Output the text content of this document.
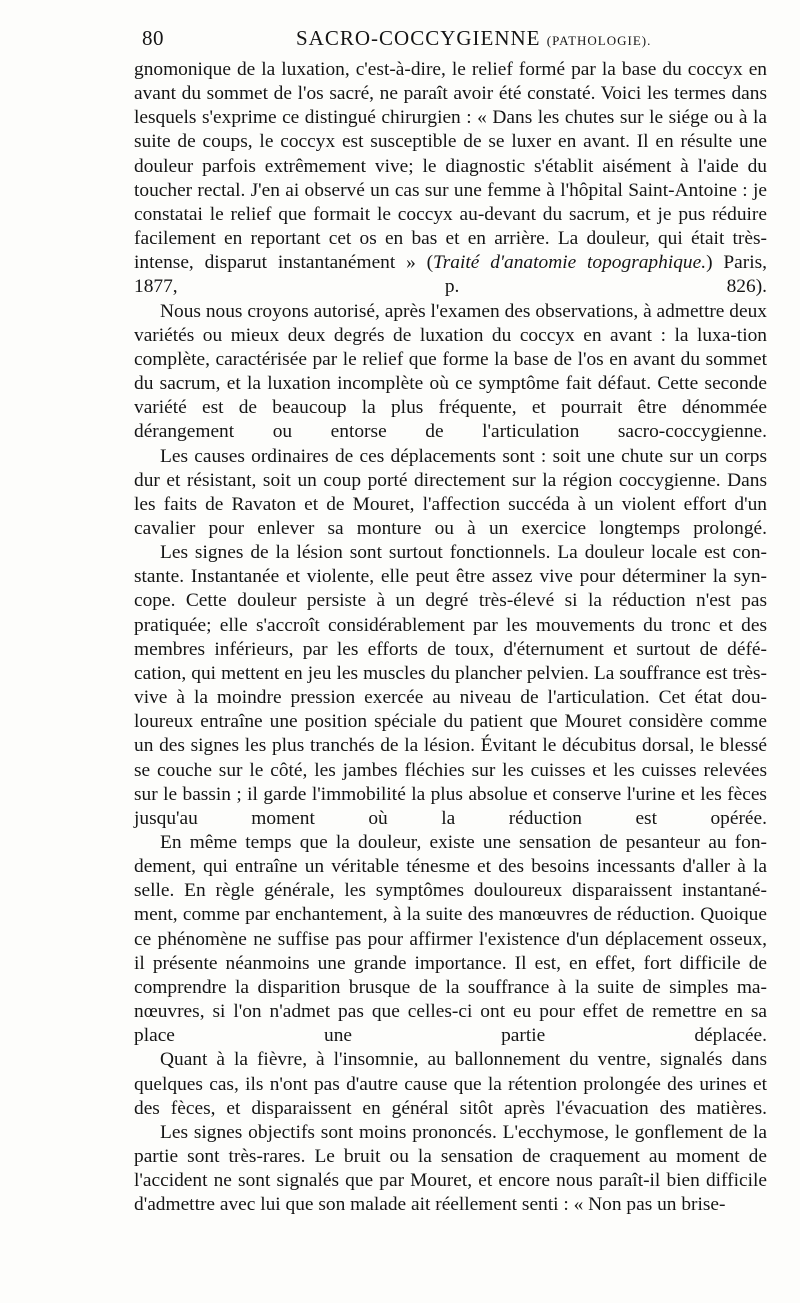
80	SACRO-COCCYGIENNE (PATHOLOGIE).

gnomonique de la luxation, c'est-à-dire, le relief formé par la base du coccyx en avant du sommet de l'os sacré, ne paraît avoir été constaté. Voici les termes dans lesquels s'exprime ce distingué chirurgien : « Dans les chutes sur le siége ou à la suite de coups, le coccyx est susceptible de se luxer en avant. Il en résulte une douleur parfois extrêmement vive; le diagnostic s'établit aisément à l'aide du toucher rectal. J'en ai observé un cas sur une femme à l'hôpital Saint-Antoine : je constatai le relief que formait le coccyx au-devant du sacrum, et je pus réduire facilement en reportant cet os en bas et en arrière. La douleur, qui était très-intense, disparut instantanément » (Traité d'anatomie topographique.) Paris, 1877, p. 826).

Nous nous croyons autorisé, après l'examen des observations, à admettre deux variétés ou mieux deux degrés de luxation du coccyx en avant : la luxa-tion complète, caractérisée par le relief que forme la base de l'os en avant du sommet du sacrum, et la luxation incomplète où ce symptôme fait défaut. Cette seconde variété est de beaucoup la plus fréquente, et pourrait être dénommée dérangement ou entorse de l'articulation sacro-coccygienne.

Les causes ordinaires de ces déplacements sont : soit une chute sur un corps dur et résistant, soit un coup porté directement sur la région coccygienne. Dans les faits de Ravaton et de Mouret, l'affection succéda à un violent effort d'un cavalier pour enlever sa monture ou à un exercice longtemps prolongé.

Les signes de la lésion sont surtout fonctionnels. La douleur locale est con-stante. Instantanée et violente, elle peut être assez vive pour déterminer la syn-cope. Cette douleur persiste à un degré très-élevé si la réduction n'est pas pratiquée; elle s'accroît considérablement par les mouvements du tronc et des membres inférieurs, par les efforts de toux, d'éternument et surtout de défé-cation, qui mettent en jeu les muscles du plancher pelvien. La souffrance est très-vive à la moindre pression exercée au niveau de l'articulation. Cet état dou-loureux entraîne une position spéciale du patient que Mouret considère comme un des signes les plus tranchés de la lésion. Évitant le décubitus dorsal, le blessé se couche sur le côté, les jambes fléchies sur les cuisses et les cuisses relevées sur le bassin ; il garde l'immobilité la plus absolue et conserve l'urine et les fèces jusqu'au moment où la réduction est opérée.

En même temps que la douleur, existe une sensation de pesanteur au fon-dement, qui entraîne un véritable ténesme et des besoins incessants d'aller à la selle. En règle générale, les symptômes douloureux disparaissent instantané-ment, comme par enchantement, à la suite des manœuvres de réduction. Quoique ce phénomène ne suffise pas pour affirmer l'existence d'un déplacement osseux, il présente néanmoins une grande importance. Il est, en effet, fort difficile de comprendre la disparition brusque de la souffrance à la suite de simples ma-nœuvres, si l'on n'admet pas que celles-ci ont eu pour effet de remettre en sa place une partie déplacée.

Quant à la fièvre, à l'insomnie, au ballonnement du ventre, signalés dans quelques cas, ils n'ont pas d'autre cause que la rétention prolongée des urines et des fèces, et disparaissent en général sitôt après l'évacuation des matières.

Les signes objectifs sont moins prononcés. L'ecchymose, le gonflement de la partie sont très-rares. Le bruit ou la sensation de craquement au moment de l'accident ne sont signalés que par Mouret, et encore nous paraît-il bien difficile d'admettre avec lui que son malade ait réellement senti : « Non pas un brise-
